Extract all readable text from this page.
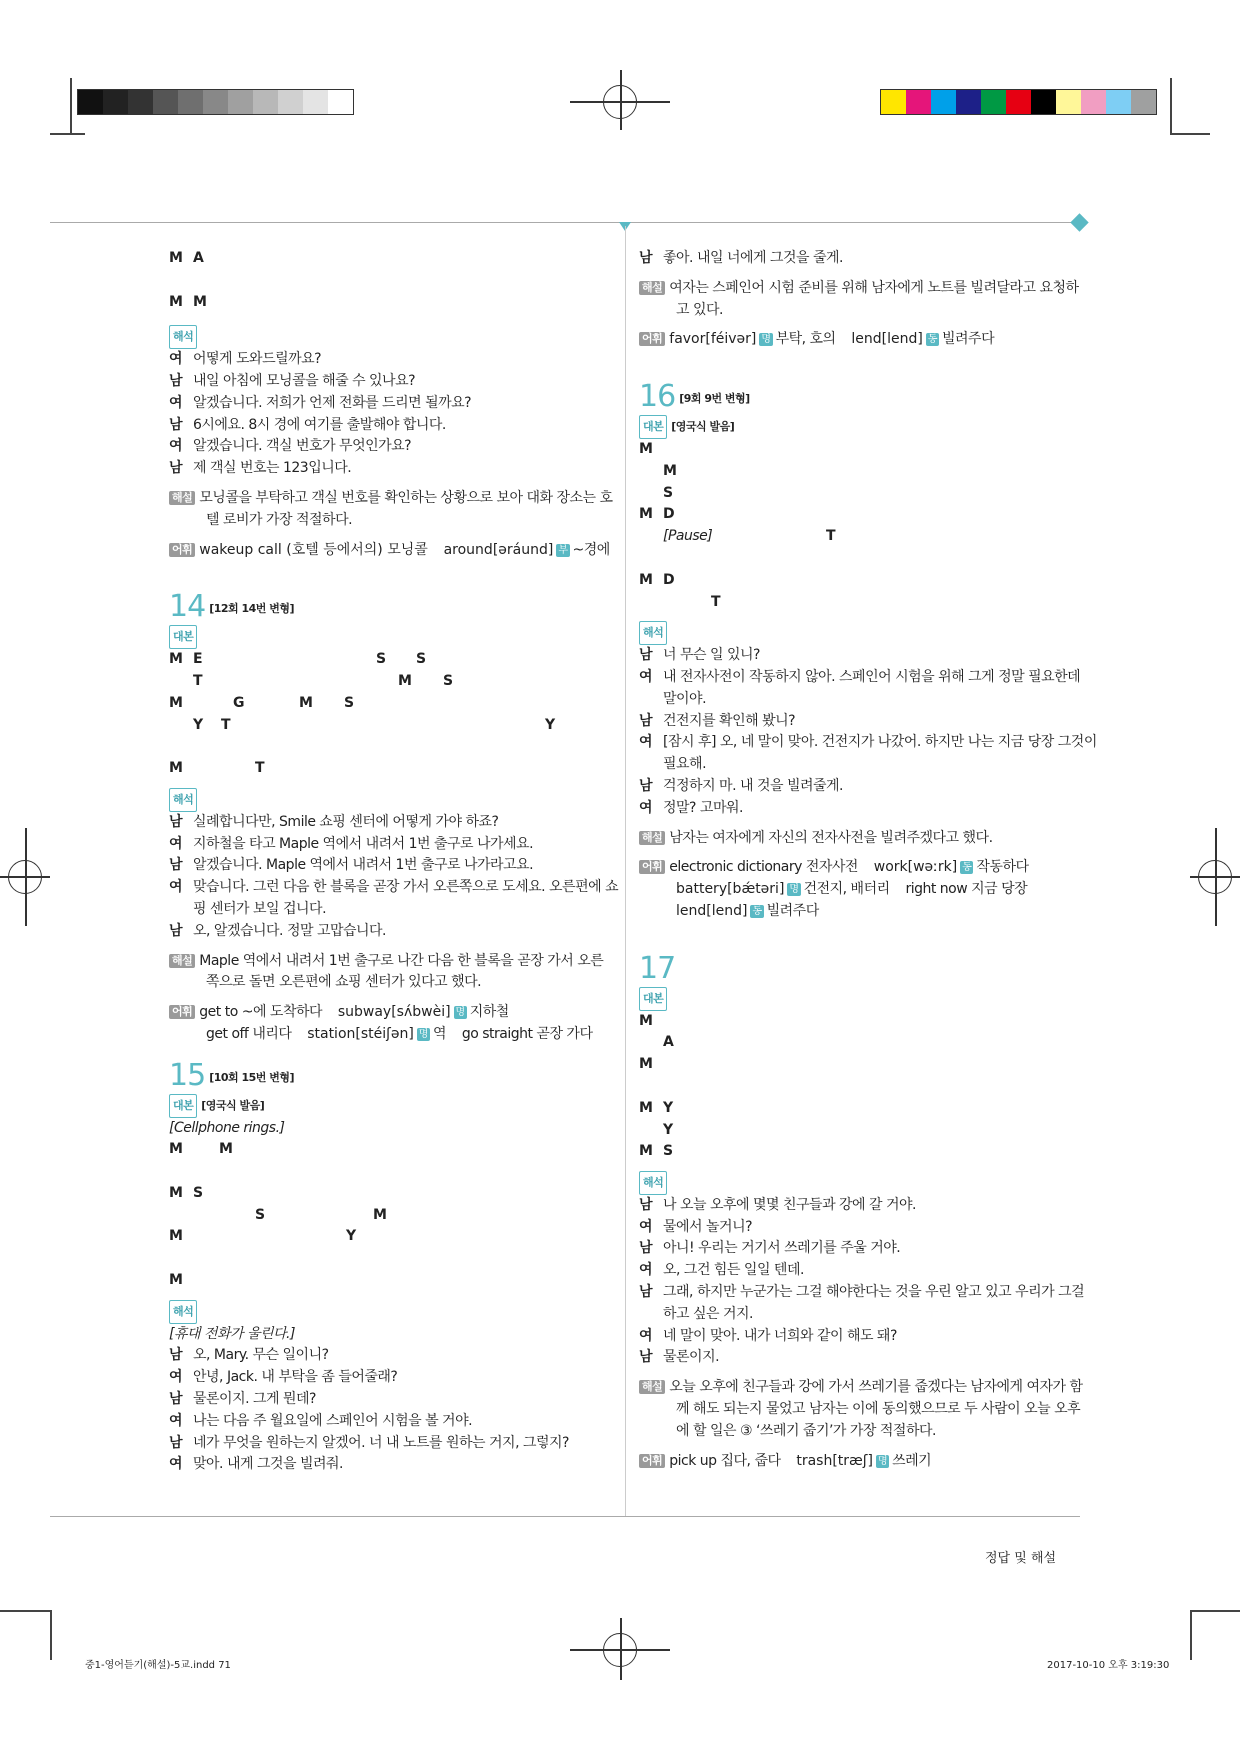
M A
M M
해석
여 어떻게 도와드릴까요?
남 내일 아침에 모닝콜을 해줄 수 있나요?
여 알겠습니다. 저희가 언제 전화를 드리면 될까요?
남 6시에요. 8시 경에 여기를 출발해야 합니다.
여 알겠습니다. 객실 번호가 무엇인가요?
남 제 객실 번호는 123입니다.
해설 모닝콜을 부탁하고 객실 번호를 확인하는 상황으로 보아 대화 장소는 호
텔 로비가 가장 적절하다.
어휘 wakeup call (호텔 등에서의) 모닝콜 around[əráund] 부 ~경에
14 [12회 14번 변형]
대본
M E	S	S
T	M	S
M	G	M	S
Y T	Y
M	T
해석
남 실례합니다만, Smile 쇼핑 센터에 어떻게 가야 하죠?
여 지하철을 타고 Maple 역에서 내려서 1번 출구로 나가세요.
남 알겠습니다. Maple 역에서 내려서 1번 출구로 나가라고요.
여 맞습니다. 그런 다음 한 블록을 곧장 가서 오른쪽으로 도세요. 오른편에 쇼
핑 센터가 보일 겁니다.
남 오, 알겠습니다. 정말 고맙습니다.
해설 Maple 역에서 내려서 1번 출구로 나간 다음 한 블록을 곧장 가서 오른
쪽으로 돌면 오른편에 쇼핑 센터가 있다고 했다.
어휘 get to ~에 도착하다 subway[sʌ́bwèi] 명 지하철
get off 내리다 station[stéiʃən] 명 역 go straight 곧장 가다
15 [10회 15번 변형]
대본 [영국식 발음]
[Cellphone rings.]
M	M
M S
S	M

M	Y
M
해석
[휴대 전화가 울린다.]
남 오, Mary. 무슨 일이니?
여 안녕, Jack. 내 부탁을 좀 들어줄래?
남 물론이지. 그게 뭔데?
여 나는 다음 주 월요일에 스페인어 시험을 볼 거야.
남 네가 무엇을 원하는지 알겠어. 너 내 노트를 원하는 거지, 그렇지?
여 맞아. 내게 그것을 빌려줘.
남 좋아. 내일 너에게 그것을 줄게.
해설 여자는 스페인어 시험 준비를 위해 남자에게 노트를 빌려달라고 요청하
고 있다.
어휘 favor[féivər] 명 부탁, 호의 lend[lend] 동 빌려주다
16 [9회 9번 변형]
대본 [영국식 발음]
M
M
S
M D
[Pause]	T
M D
T

해석
남 너 무슨 일 있니?
여 내 전자사전이 작동하지 않아. 스페인어 시험을 위해 그게 정말 필요한데
말이야.
남 건전지를 확인해 봤니?
여 [잠시 후] 오, 네 말이 맞아. 건전지가 나갔어. 하지만 나는 지금 당장 그것이
필요해.
남 걱정하지 마. 내 것을 빌려줄게.
여 정말? 고마워.
해설 남자는 여자에게 자신의 전자사전을 빌려주겠다고 했다.
어휘 electronic dictionary 전자사전 work[wəːrk] 동 작동하다
battery[bǽtəri] 명 건전지, 배터리 right now 지금 당장
lend[lend] 동 빌려주다
17
대본
M
A
M
M Y
Y
M S
해석
남 나 오늘 오후에 몇몇 친구들과 강에 갈 거야.
여 물에서 놀거니?
남 아니! 우리는 거기서 쓰레기를 주울 거야.
여 오, 그건 힘든 일일 텐데.
남 그래, 하지만 누군가는 그걸 해야한다는 것을 우린 알고 있고 우리가 그걸
하고 싶은 거지.
여 네 말이 맞아. 내가 너희와 같이 해도 돼?
남 물론이지.
해설 오늘 오후에 친구들과 강에 가서 쓰레기를 줍겠다는 남자에게 여자가 함
께 해도 되는지 물었고 남자는 이에 동의했으므로 두 사람이 오늘 오후
에 할 일은 ③ ‘쓰레기 줍기’가 가장 적절하다.
어휘 pick up 집다, 줍다 trash[træʃ] 명 쓰레기
정답 및 해설
중1-영어듣기(해설)-5교.indd 71	2017-10-10 오후 3:19:30
